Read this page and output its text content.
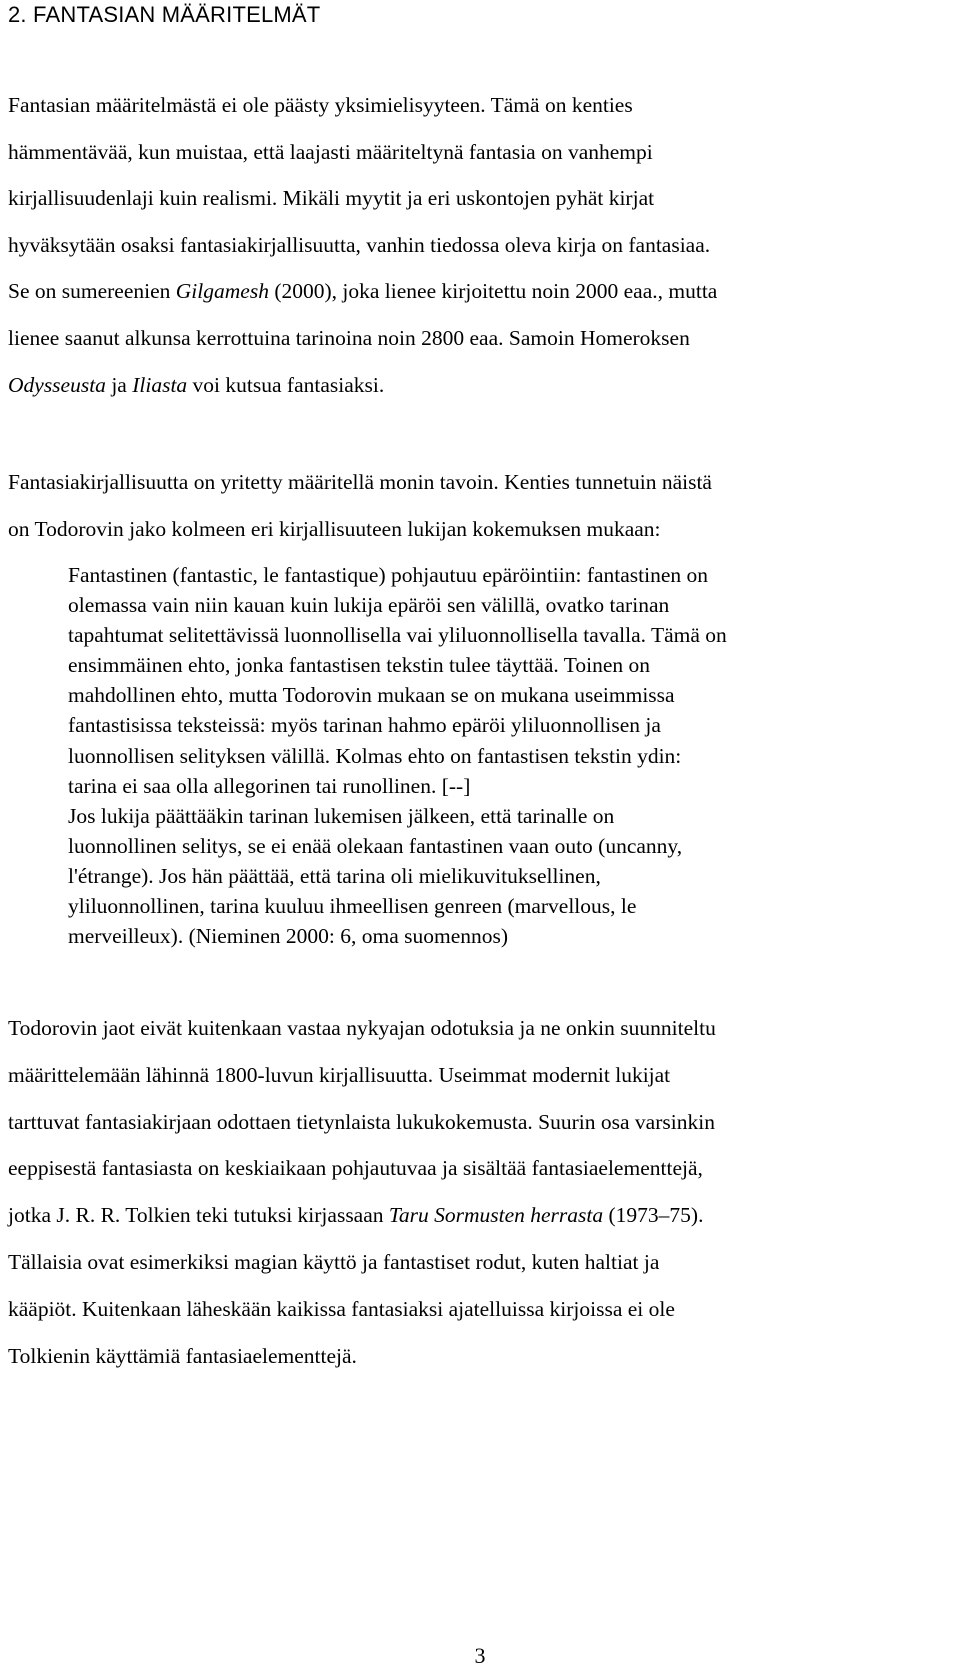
2. FANTASIAN MÄÄRITELMÄT

Fantasian määritelmästä ei ole päästy yksimielisyyteen. Tämä on kenties
hämmentävää, kun muistaa, että laajasti määriteltynä fantasia on vanhempi
kirjallisuudenlaji kuin realismi. Mikäli myytit ja eri uskontojen pyhät kirjat
hyväksytään osaksi fantasiakirjallisuutta, vanhin tiedossa oleva kirja on fantasiaa.
Se on sumereenien Gilgamesh (2000), joka lienee kirjoitettu noin 2000 eaa., mutta
lienee saanut alkunsa kerrottuina tarinoina noin 2800 eaa. Samoin Homeroksen
Odysseusta ja Iliasta voi kutsua fantasiaksi.

Fantasiakirjallisuutta on yritetty määritellä monin tavoin. Kenties tunnetuin näistä
on Todorovin jako kolmeen eri kirjallisuuteen lukijan kokemuksen mukaan:

Fantastinen (fantastic, le fantastique) pohjautuu epäröintiin: fantastinen on
olemassa vain niin kauan kuin lukija epäröi sen välillä, ovatko tarinan
tapahtumat selitettävissä luonnollisella vai yliluonnollisella tavalla. Tämä on
ensimmäinen ehto, jonka fantastisen tekstin tulee täyttää. Toinen on
mahdollinen ehto, mutta Todorovin mukaan se on mukana useimmissa
fantastisissa teksteissä: myös tarinan hahmo epäröi yliluonnollisen ja
luonnollisen selityksen välillä. Kolmas ehto on fantastisen tekstin ydin:
tarina ei saa olla allegorinen tai runollinen. [--]
Jos lukija päättääkin tarinan lukemisen jälkeen, että tarinalle on
luonnollinen selitys, se ei enää olekaan fantastinen vaan outo (uncanny,
l'étrange). Jos hän päättää, että tarina oli mielikuvituksellinen,
yliluonnollinen, tarina kuuluu ihmeellisen genreen (marvellous, le
merveilleux). (Nieminen 2000: 6, oma suomennos)

Todorovin jaot eivät kuitenkaan vastaa nykyajan odotuksia ja ne onkin suunniteltu
määrittelemään lähinnä 1800-luvun kirjallisuutta. Useimmat modernit lukijat
tarttuvat fantasiakirjaan odottaen tietynlaista lukukokemusta. Suurin osa varsinkin
eeppisestä fantasiasta on keskiaikaan pohjautuvaa ja sisältää fantasiaelementtejä,
jotka J. R. R. Tolkien teki tutuksi kirjassaan Taru Sormusten herrasta (1973–75).
Tällaisia ovat esimerkiksi magian käyttö ja fantastiset rodut, kuten haltiat ja
kääpiöt. Kuitenkaan läheskään kaikissa fantasiaksi ajatelluissa kirjoissa ei ole
Tolkienin käyttämiä fantasiaelementtejä.

3
